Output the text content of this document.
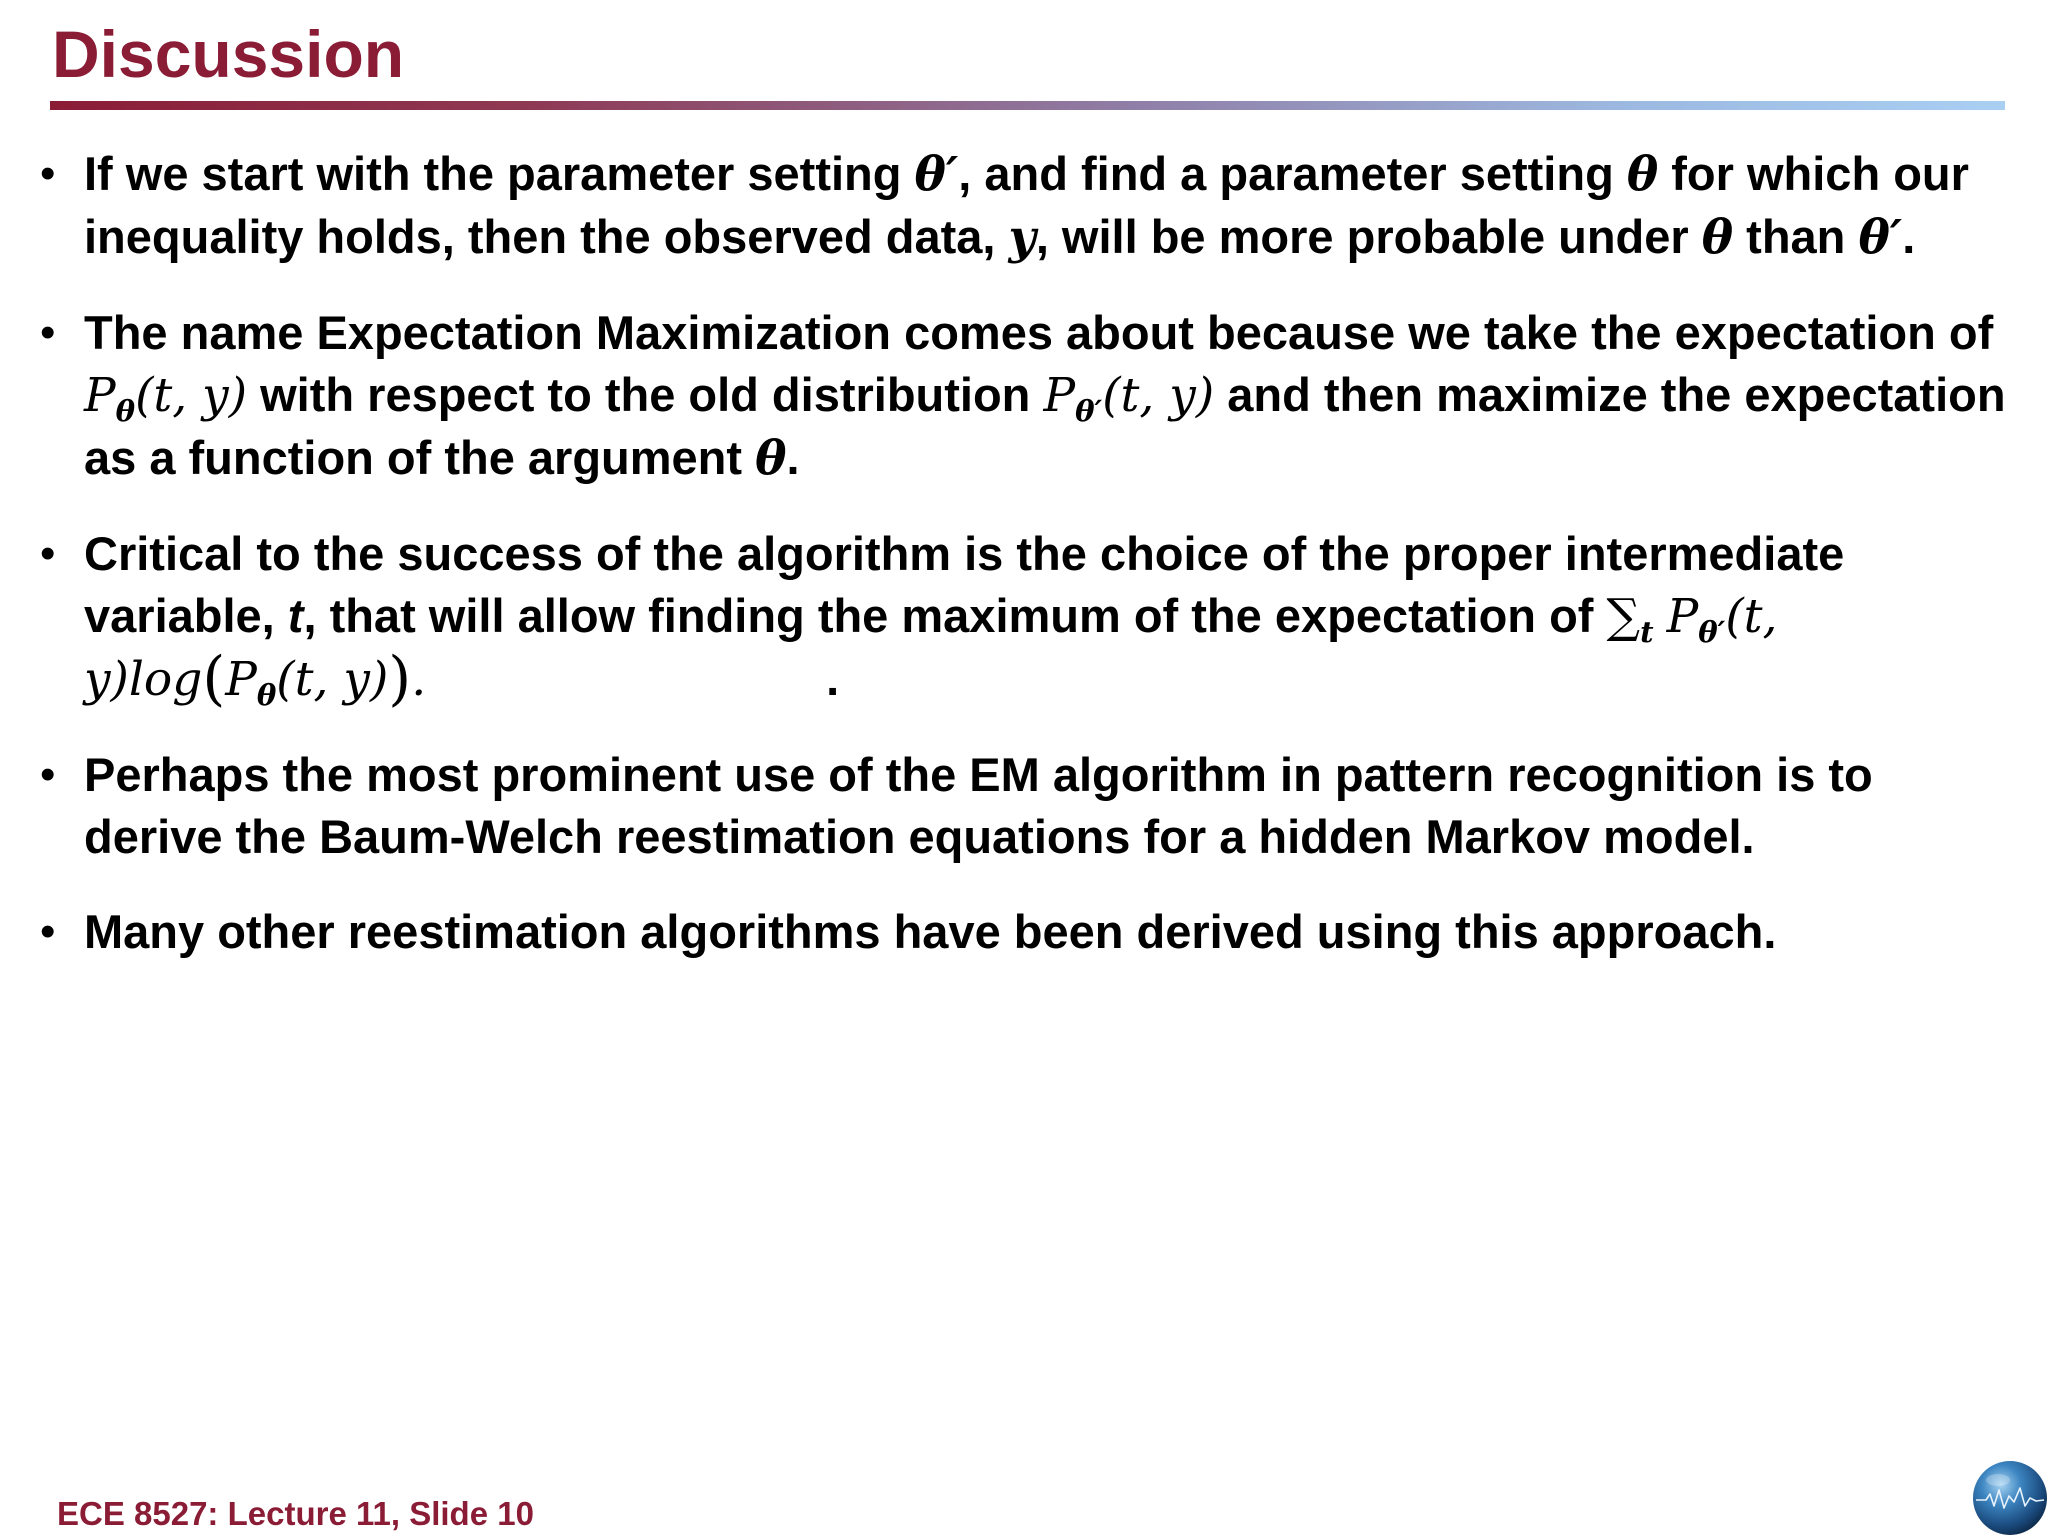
Discussion
• If we start with the parameter setting θ′, and find a parameter setting θ for which our inequality holds, then the observed data, y, will be more probable under θ than θ′.
• The name Expectation Maximization comes about because we take the expectation of $P_\theta(t$, y) with respect to the old distribution $P_{\theta'}(t$, y) and then maximize the expectation as a function of the argument θ.
• Critical to the success of the algorithm is the choice of the proper intermediate variable, t, that will allow finding the maximum of the expectation of $\sum_t$ $P_{\theta'}(t$, $y)\log(P_\theta(t$, y)).	.
• Perhaps the most prominent use of the EM algorithm in pattern recognition is to derive the Baum-Welch reestimation equations for a hidden Markov model.
• Many other reestimation algorithms have been derived using this approach.
ECE 8527: Lecture 11, Slide 10
